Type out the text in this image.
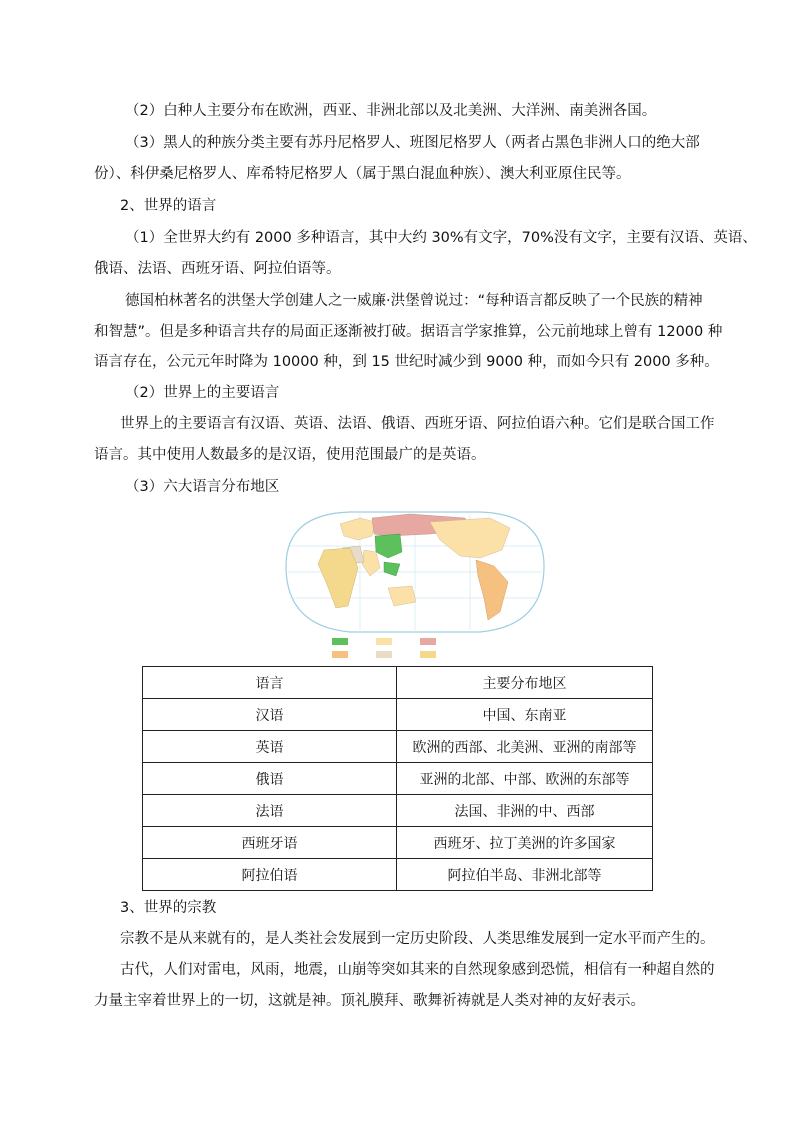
（2）白种人主要分布在欧洲，西亚、非洲北部以及北美洲、大洋洲、南美洲各国。
（3）黑人的种族分类主要有苏丹尼格罗人、班图尼格罗人（两者占黑色非洲人口的绝大部
份）、科伊桑尼格罗人、库希特尼格罗人（属于黑白混血种族）、澳大利亚原住民等。
2、世界的语言
（1）全世界大约有 2000 多种语言，其中大约 30%有文字，70%没有文字，主要有汉语、英语、
俄语、法语、西班牙语、阿拉伯语等。
德国柏林著名的洪堡大学创建人之一威廉·洪堡曾说过：“每种语言都反映了一个民族的精神
和智慧”。但是多种语言共存的局面正逐渐被打破。据语言学家推算，公元前地球上曾有 12000 种
语言存在，公元元年时降为 10000 种，到 15 世纪时减少到 9000 种，而如今只有 2000 多种。
（2）世界上的主要语言
世界上的主要语言有汉语、英语、法语、俄语、西班牙语、阿拉伯语六种。它们是联合国工作
语言。其中使用人数最多的是汉语，使用范围最广的是英语。
（3）六大语言分布地区
语言	主要分布地区
汉语	中国、东南亚
英语	欧洲的西部、北美洲、亚洲的南部等
俄语	亚洲的北部、中部、欧洲的东部等
法语	法国、非洲的中、西部
西班牙语	西班牙、拉丁美洲的许多国家
阿拉伯语	阿拉伯半岛、非洲北部等
3、世界的宗教
宗教不是从来就有的，是人类社会发展到一定历史阶段、人类思维发展到一定水平而产生的。
古代，人们对雷电，风雨，地震，山崩等突如其来的自然现象感到恐慌，相信有一种超自然的
力量主宰着世界上的一切，这就是神。顶礼膜拜、歌舞祈祷就是人类对神的友好表示。
